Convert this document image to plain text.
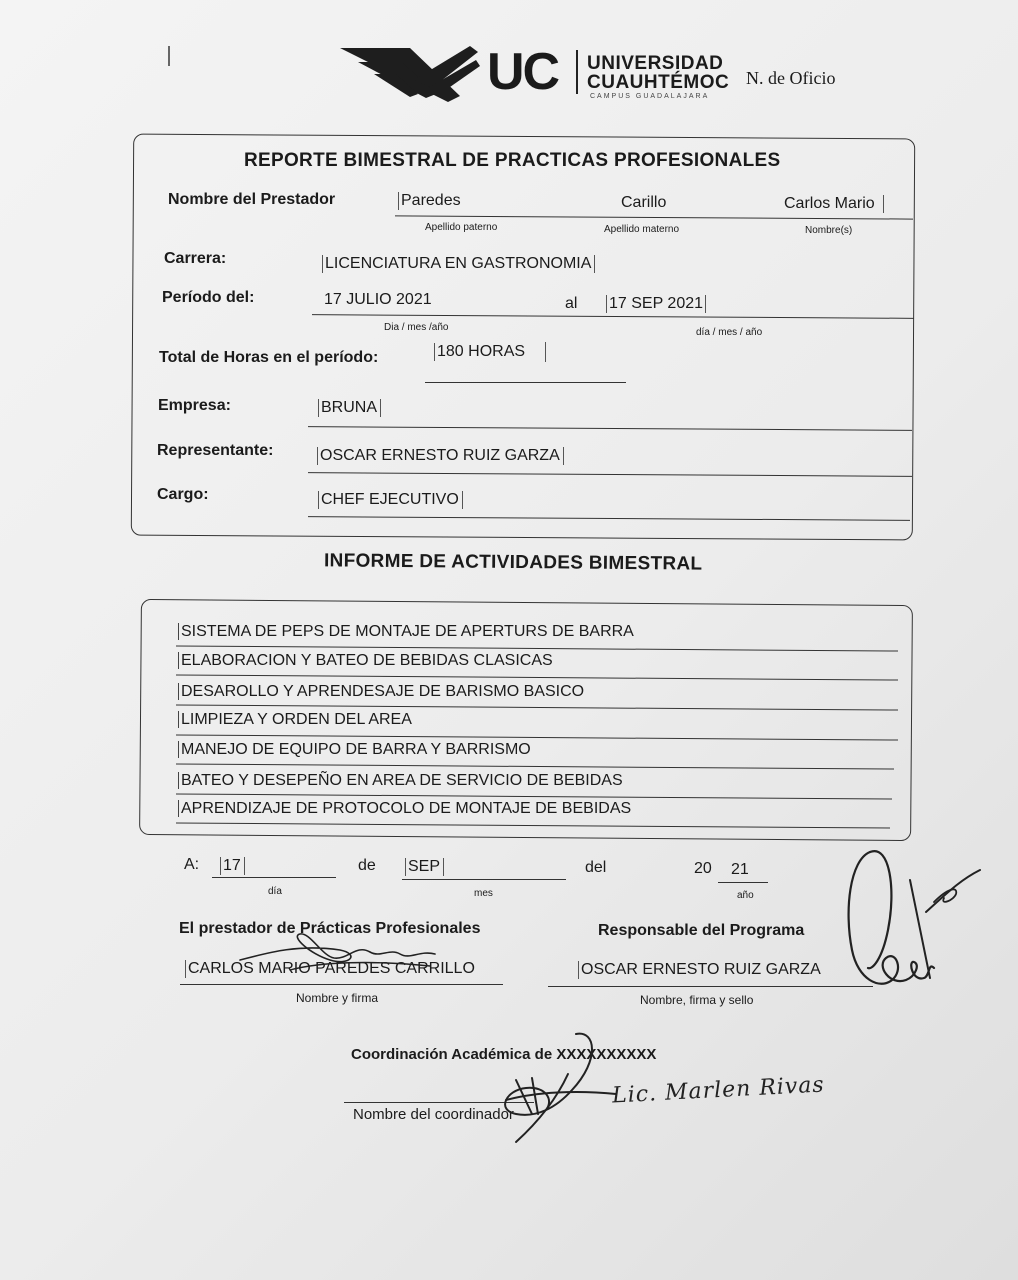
UC UNIVERSIDAD
CUAUHTÉMOC
CAMPUS GUADALAJARA
N. de Oficio
REPORTE BIMESTRAL DE PRACTICAS PROFESIONALES
Nombre del Prestador	Paredes	Carillo	Carlos Mario
Apellido paterno	Apellido materno	Nombre(s)
Carrera:	LICENCIATURA EN GASTRONOMIA
Período del:	17 JULIO 2021	al 17 SEP 2021
Dia / mes /año	día / mes / año
Total de Horas en el período:	180 HORAS
Empresa:	BRUNA
Representante:	OSCAR ERNESTO RUIZ GARZA
Cargo:	CHEF EJECUTIVO
INFORME DE ACTIVIDADES BIMESTRAL
SISTEMA DE PEPS DE MONTAJE DE APERTURS DE BARRA
ELABORACION Y BATEO DE BEBIDAS CLASICAS
DESAROLLO Y APRENDESAJE DE BARISMO BASICO
LIMPIEZA Y ORDEN DEL AREA
MANEJO DE EQUIPO DE BARRA Y BARRISMO
BATEO Y DESEPEÑO EN AREA DE SERVICIO DE BEBIDAS
APRENDIZAJE DE PROTOCOLO DE MONTAJE DE BEBIDAS
A: 17
día
de SEP
mes
del	20 21
año
El prestador de Prácticas Profesionales
CARLOS MARIO PAREDES CARRILLO
Nombre y firma
Responsable del Programa
OSCAR ERNESTO RUIZ GARZA
Nombre, firma y sello
Coordinación Académica de XXXXXXXXXX
Nombre del coordinador
Lic. Marlen Rivas
